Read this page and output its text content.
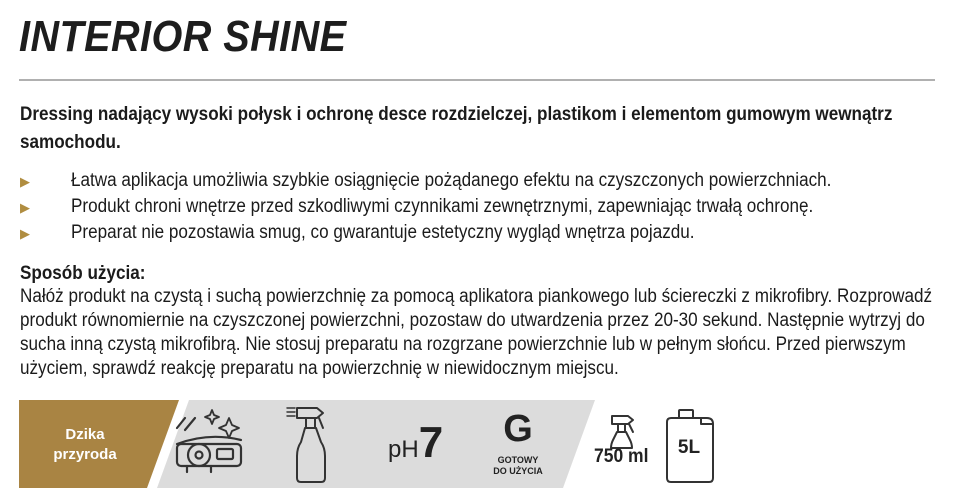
INTERIOR SHINE

Dressing nadający wysoki połysk i ochronę desce rozdzielczej, plastikom i elementom gumowym wewnątrz samochodu.

▶ Łatwa aplikacja umożliwia szybkie osiągnięcie pożądanego efektu na czyszczonych powierzchniach.
▶ Produkt chroni wnętrze przed szkodliwymi czynnikami zewnętrznymi, zapewniając trwałą ochronę.
▶ Preparat nie pozostawia smug, co gwarantuje estetyczny wygląd wnętrza pojazdu.
Sposób użycia:

Nałóż produkt na czystą i suchą powierzchnię za pomocą aplikatora piankowego lub ściereczki z mikrofibry. Rozprowadź produkt równomiernie na czyszczonej powierzchni, pozostaw do utwardzenia przez 20-30 sekund. Następnie wytrzyj do sucha inną czystą mikrofibrą. Nie stosuj preparatu na rozgrzane powierzchnie lub w pełnym słońcu. Przed pierwszym użyciem, sprawdź reakcję preparatu na powierzchnię w niewidocznym miejscu.

Dzika
przyroda	pH7 G
GOTOWY
DO UŻYCIA
750 ml	5L
